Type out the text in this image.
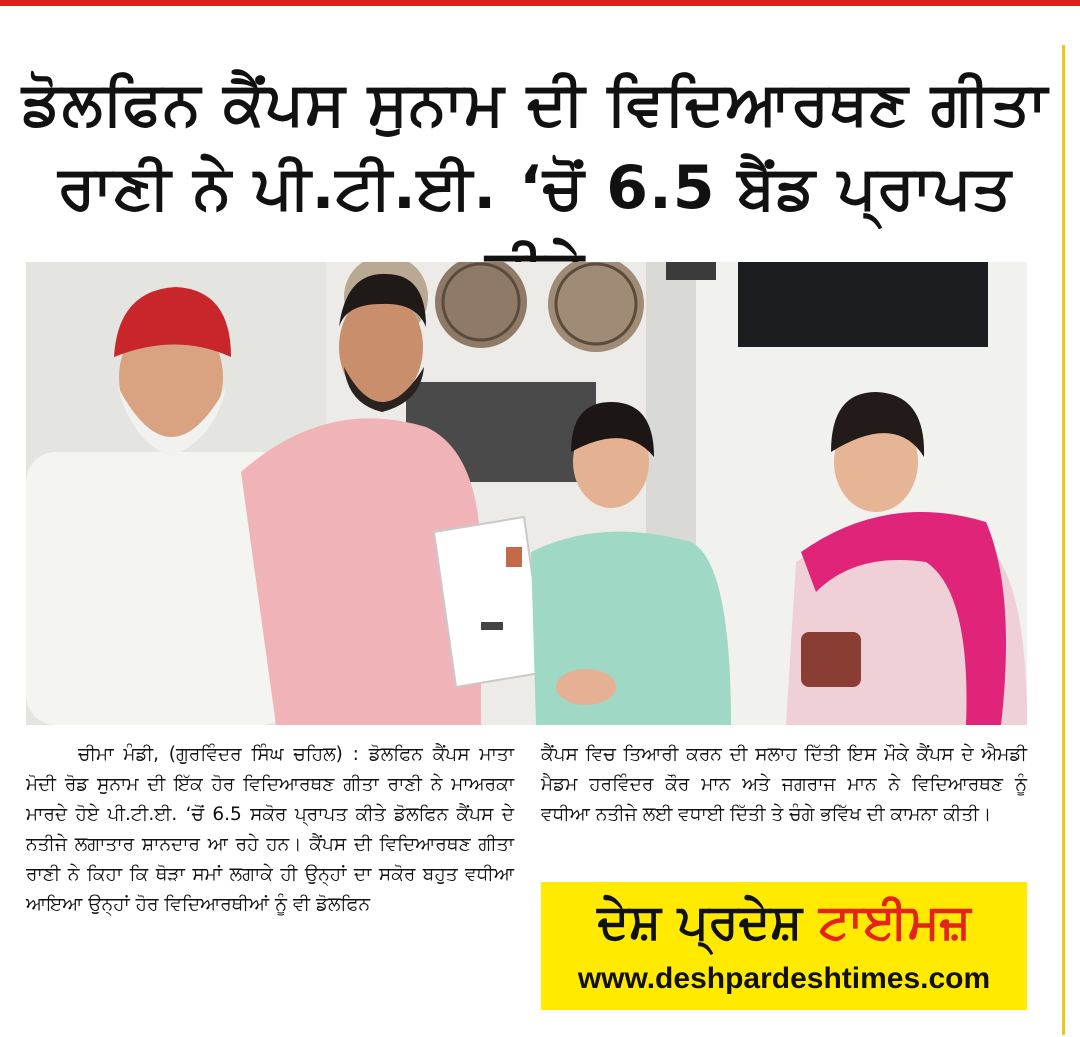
ਡੋਲਫਿਨ ਕੈਂਪਸ ਸੁਨਾਮ ਦੀ ਵਿਦਿਆਰਥਣ ਗੀਤਾ
ਰਾਣੀ ਨੇ ਪੀ.ਟੀ.ਈ. ‘ਚੋਂ 6.5 ਬੈਂਡ ਪ੍ਰਾਪਤ
ਚੀਮਾ ਮੰਡੀ, (ਗੁਰਵਿੰਦਰ ਸਿੰਘ ਚਹਿਲ) : ਡੋਲਫਿਨ ਕੈਂਪਸ ਮਾਤਾ ਮੋਦੀ ਰੋਡ ਸੁਨਾਮ ਦੀ ਇੱਕ ਹੋਰ ਵਿਦਿਆਰਥਣ ਗੀਤਾ ਰਾਣੀ ਨੇ ਮਾਅਰਕਾ ਮਾਰਦੇ ਹੋਏ ਪੀ.ਟੀ.ਈ. ‘ਚੋਂ 6.5 ਸਕੋਰ ਪ੍ਰਾਪਤ ਕੀਤੇ ਡੋਲਫਿਨ ਕੈਂਪਸ ਦੇ ਨਤੀਜੇ ਲਗਾਤਾਰ ਸ਼ਾਨਦਾਰ ਆ ਰਹੇ ਹਨ। ਕੈਂਪਸ ਦੀ ਵਿਦਿਆਰਥਣ ਗੀਤਾ ਰਾਣੀ ਨੇ ਕਿਹਾ ਕਿ ਥੋੜਾ ਸਮਾਂ ਲਗਾਕੇ ਹੀ ਉਨ੍ਹਾਂ ਦਾ ਸਕੋਰ ਬਹੁਤ ਵਧੀਆ ਆਇਆ ਉਨ੍ਹਾਂ ਹੋਰ ਵਿਦਿਆਰਥੀਆਂ ਨੂੰ ਵੀ ਡੋਲਫਿਨ
ਕੈਂਪਸ ਵਿਚ ਤਿਆਰੀ ਕਰਨ ਦੀ ਸਲਾਹ ਦਿੱਤੀ ਇਸ ਮੌਕੇ ਕੈਂਪਸ ਦੇ ਐਮਡੀ ਮੈਡਮ ਹਰਵਿੰਦਰ ਕੌਰ ਮਾਨ ਅਤੇ ਜਗਰਾਜ ਮਾਨ ਨੇ ਵਿਦਿਆਰਥਣ ਨੂੰ ਵਧੀਆ ਨਤੀਜੇ ਲਈ ਵਧਾਈ ਦਿੱਤੀ ਤੇ ਚੰਗੇ ਭਵਿੱਖ ਦੀ ਕਾਮਨਾ ਕੀਤੀ।
ਦੇਸ਼ ਪ੍ਰਦੇਸ਼ ਟਾਈਮਜ਼
www.deshpardeshtimes.com
